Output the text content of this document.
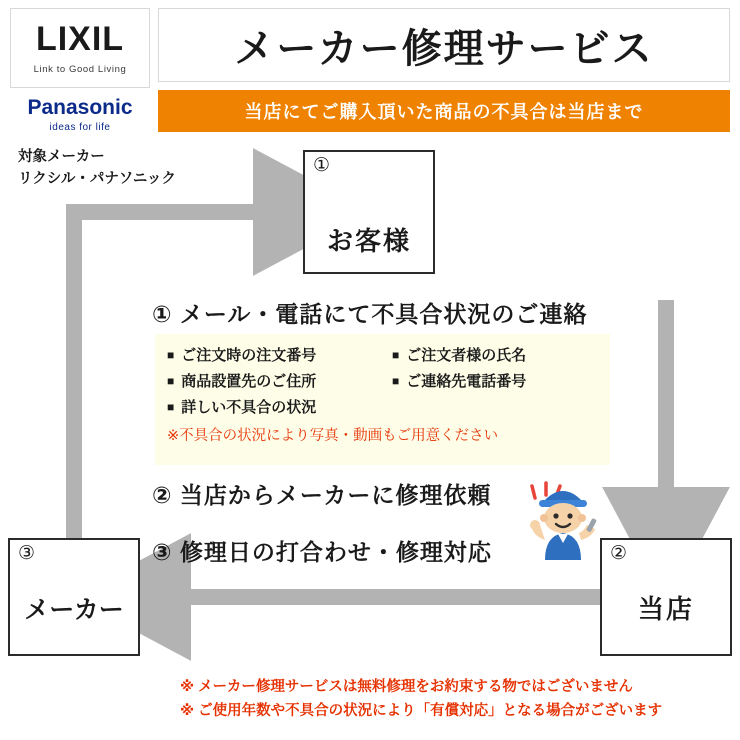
LIXIL
Link to Good Living
Panasonic
ideas for life
メーカー修理サービス
当店にてご購入頂いた商品の不具合は当店まで
対象メーカー
リクシル・パナソニック
①
お客様
②
当店
③
メーカー
① メール・電話にて不具合状況のご連絡
■ ご注文時の注文番号	■ ご注文者様の氏名
■ 商品設置先のご住所	■ ご連絡先電話番号
■ 詳しい不具合の状況
※不具合の状況により写真・動画もご用意ください
② 当店からメーカーに修理依頼
③ 修理日の打合わせ・修理対応
※ メーカー修理サービスは無料修理をお約束する物ではございません
※ ご使用年数や不具合の状況により「有償対応」となる場合がございます
